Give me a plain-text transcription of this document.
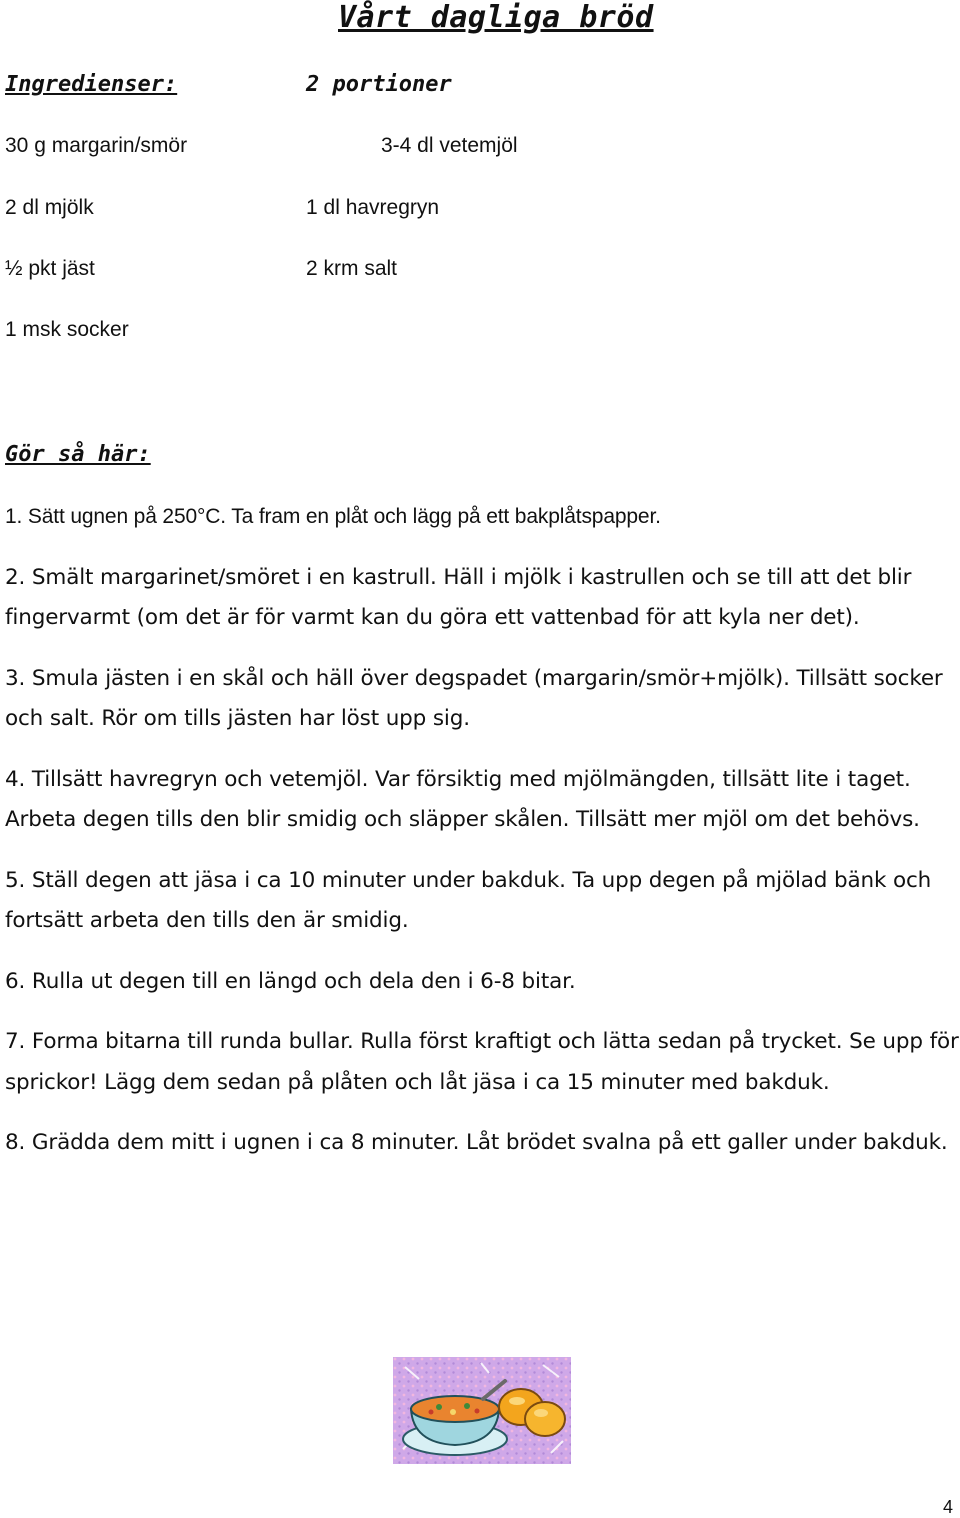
Vårt dagliga bröd
Ingredienser:	2 portioner
30 g margarin/smör	3-4 dl vetemjöl
2 dl mjölk	1 dl havregryn
½ pkt jäst	2 krm salt
1 msk socker
Gör så här:

1. Sätt ugnen på 250°C. Ta fram en plåt och lägg på ett bakplåtspapper.

2. Smält margarinet/smöret i en kastrull. Häll i mjölk i kastrullen och se till att det blir fingervarmt (om det är för varmt kan du göra ett vattenbad för att kyla ner det).

3. Smula jästen i en skål och häll över degspadet (margarin/smör+mjölk). Tillsätt socker och salt. Rör om tills jästen har löst upp sig.

4. Tillsätt havregryn och vetemjöl. Var försiktig med mjölmängden, tillsätt lite i taget. Arbeta degen tills den blir smidig och släpper skålen. Tillsätt mer mjöl om det behövs.

5. Ställ degen att jäsa i ca 10 minuter under bakduk. Ta upp degen på mjölad bänk och fortsätt arbeta den tills den är smidig.

6. Rulla ut degen till en längd och dela den i 6-8 bitar.

7. Forma bitarna till runda bullar. Rulla först kraftigt och lätta sedan på trycket. Se upp för sprickor! Lägg dem sedan på plåten och låt jäsa i ca 15 minuter med bakduk.

8. Grädda dem mitt i ugnen i ca 8 minuter. Låt brödet svalna på ett galler under bakduk.

4
